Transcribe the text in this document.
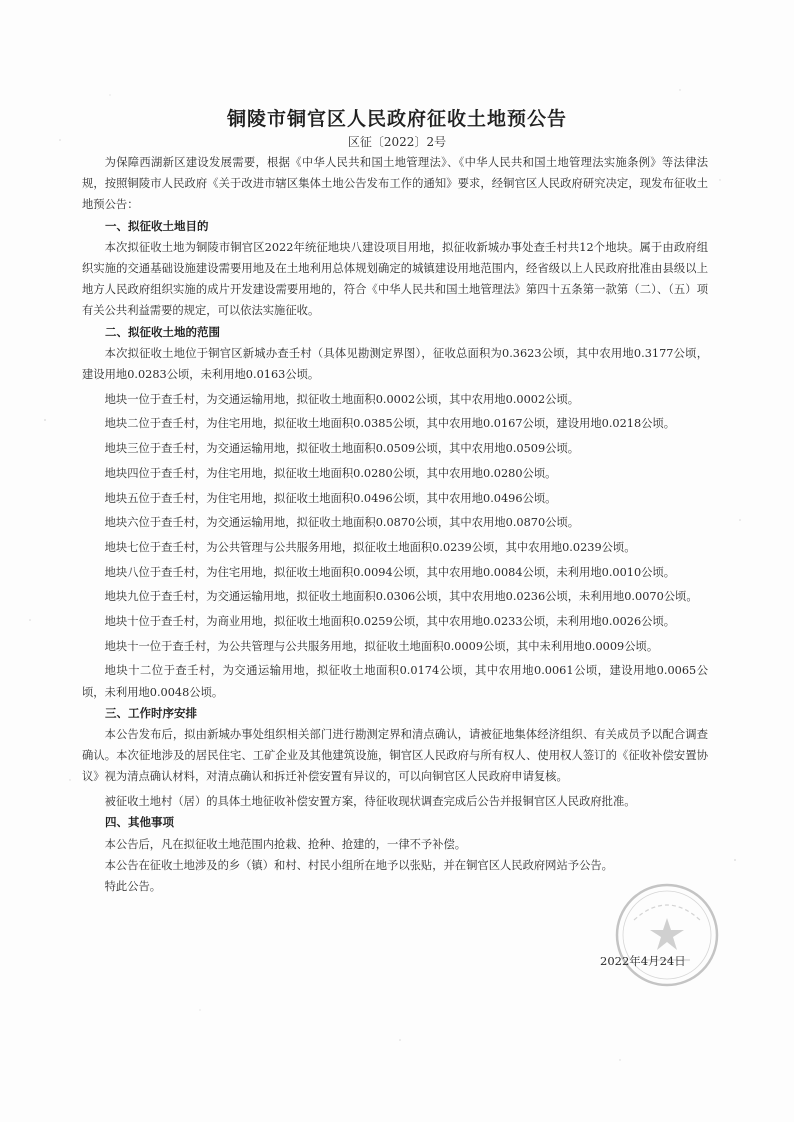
铜陵市铜官区人民政府征收土地预公告
区征〔2022〕2号

为保障西湖新区建设发展需要，根据《中华人民共和国土地管理法》、《中华人民共和国土地管理法实施条例》等法律法规，按照铜陵市人民政府《关于改进市辖区集体土地公告发布工作的通知》要求，经铜官区人民政府研究决定，现发布征收土地预公告：

一、拟征收土地目的

本次拟征收土地为铜陵市铜官区2022年统征地块八建设项目用地，拟征收新城办事处查壬村共12个地块。属于由政府组织实施的交通基础设施建设需要用地及在土地利用总体规划确定的城镇建设用地范围内，经省级以上人民政府批准由县级以上地方人民政府组织实施的成片开发建设需要用地的，符合《中华人民共和国土地管理法》第四十五条第一款第（二）、（五）项有关公共利益需要的规定，可以依法实施征收。

二、拟征收土地的范围

本次拟征收土地位于铜官区新城办查壬村（具体见勘测定界图），征收总面积为0.3623公顷，其中农用地0.3177公顷，建设用地0.0283公顷，未利用地0.0163公顷。

地块一位于查壬村，为交通运输用地，拟征收土地面积0.0002公顷，其中农用地0.0002公顷。

地块二位于查壬村，为住宅用地，拟征收土地面积0.0385公顷，其中农用地0.0167公顷，建设用地0.0218公顷。

地块三位于查壬村，为交通运输用地，拟征收土地面积0.0509公顷，其中农用地0.0509公顷。

地块四位于查壬村，为住宅用地，拟征收土地面积0.0280公顷，其中农用地0.0280公顷。

地块五位于查壬村，为住宅用地，拟征收土地面积0.0496公顷，其中农用地0.0496公顷。

地块六位于查壬村，为交通运输用地，拟征收土地面积0.0870公顷，其中农用地0.0870公顷。

地块七位于查壬村，为公共管理与公共服务用地，拟征收土地面积0.0239公顷，其中农用地0.0239公顷。

地块八位于查壬村，为住宅用地，拟征收土地面积0.0094公顷，其中农用地0.0084公顷，未利用地0.0010公顷。

地块九位于查壬村，为交通运输用地，拟征收土地面积0.0306公顷，其中农用地0.0236公顷，未利用地0.0070公顷。

地块十位于查壬村，为商业用地，拟征收土地面积0.0259公顷，其中农用地0.0233公顷，未利用地0.0026公顷。

地块十一位于查壬村，为公共管理与公共服务用地，拟征收土地面积0.0009公顷，其中未利用地0.0009公顷。

地块十二位于查壬村，为交通运输用地，拟征收土地面积0.0174公顷，其中农用地0.0061公顷，建设用地0.0065公顷，未利用地0.0048公顷。

三、工作时序安排

本公告发布后，拟由新城办事处组织相关部门进行勘测定界和清点确认，请被征地集体经济组织、有关成员予以配合调查确认。本次征地涉及的居民住宅、工矿企业及其他建筑设施，铜官区人民政府与所有权人、使用权人签订的《征收补偿安置协议》视为清点确认材料，对清点确认和拆迁补偿安置有异议的，可以向铜官区人民政府申请复核。

被征收土地村（居）的具体土地征收补偿安置方案，待征收现状调查完成后公告并报铜官区人民政府批准。

四、其他事项

本公告后，凡在拟征收土地范围内抢栽、抢种、抢建的，一律不予补偿。

本公告在征收土地涉及的乡（镇）和村、村民小组所在地予以张贴，并在铜官区人民政府网站予公告。

特此公告。

2022年4月24日
